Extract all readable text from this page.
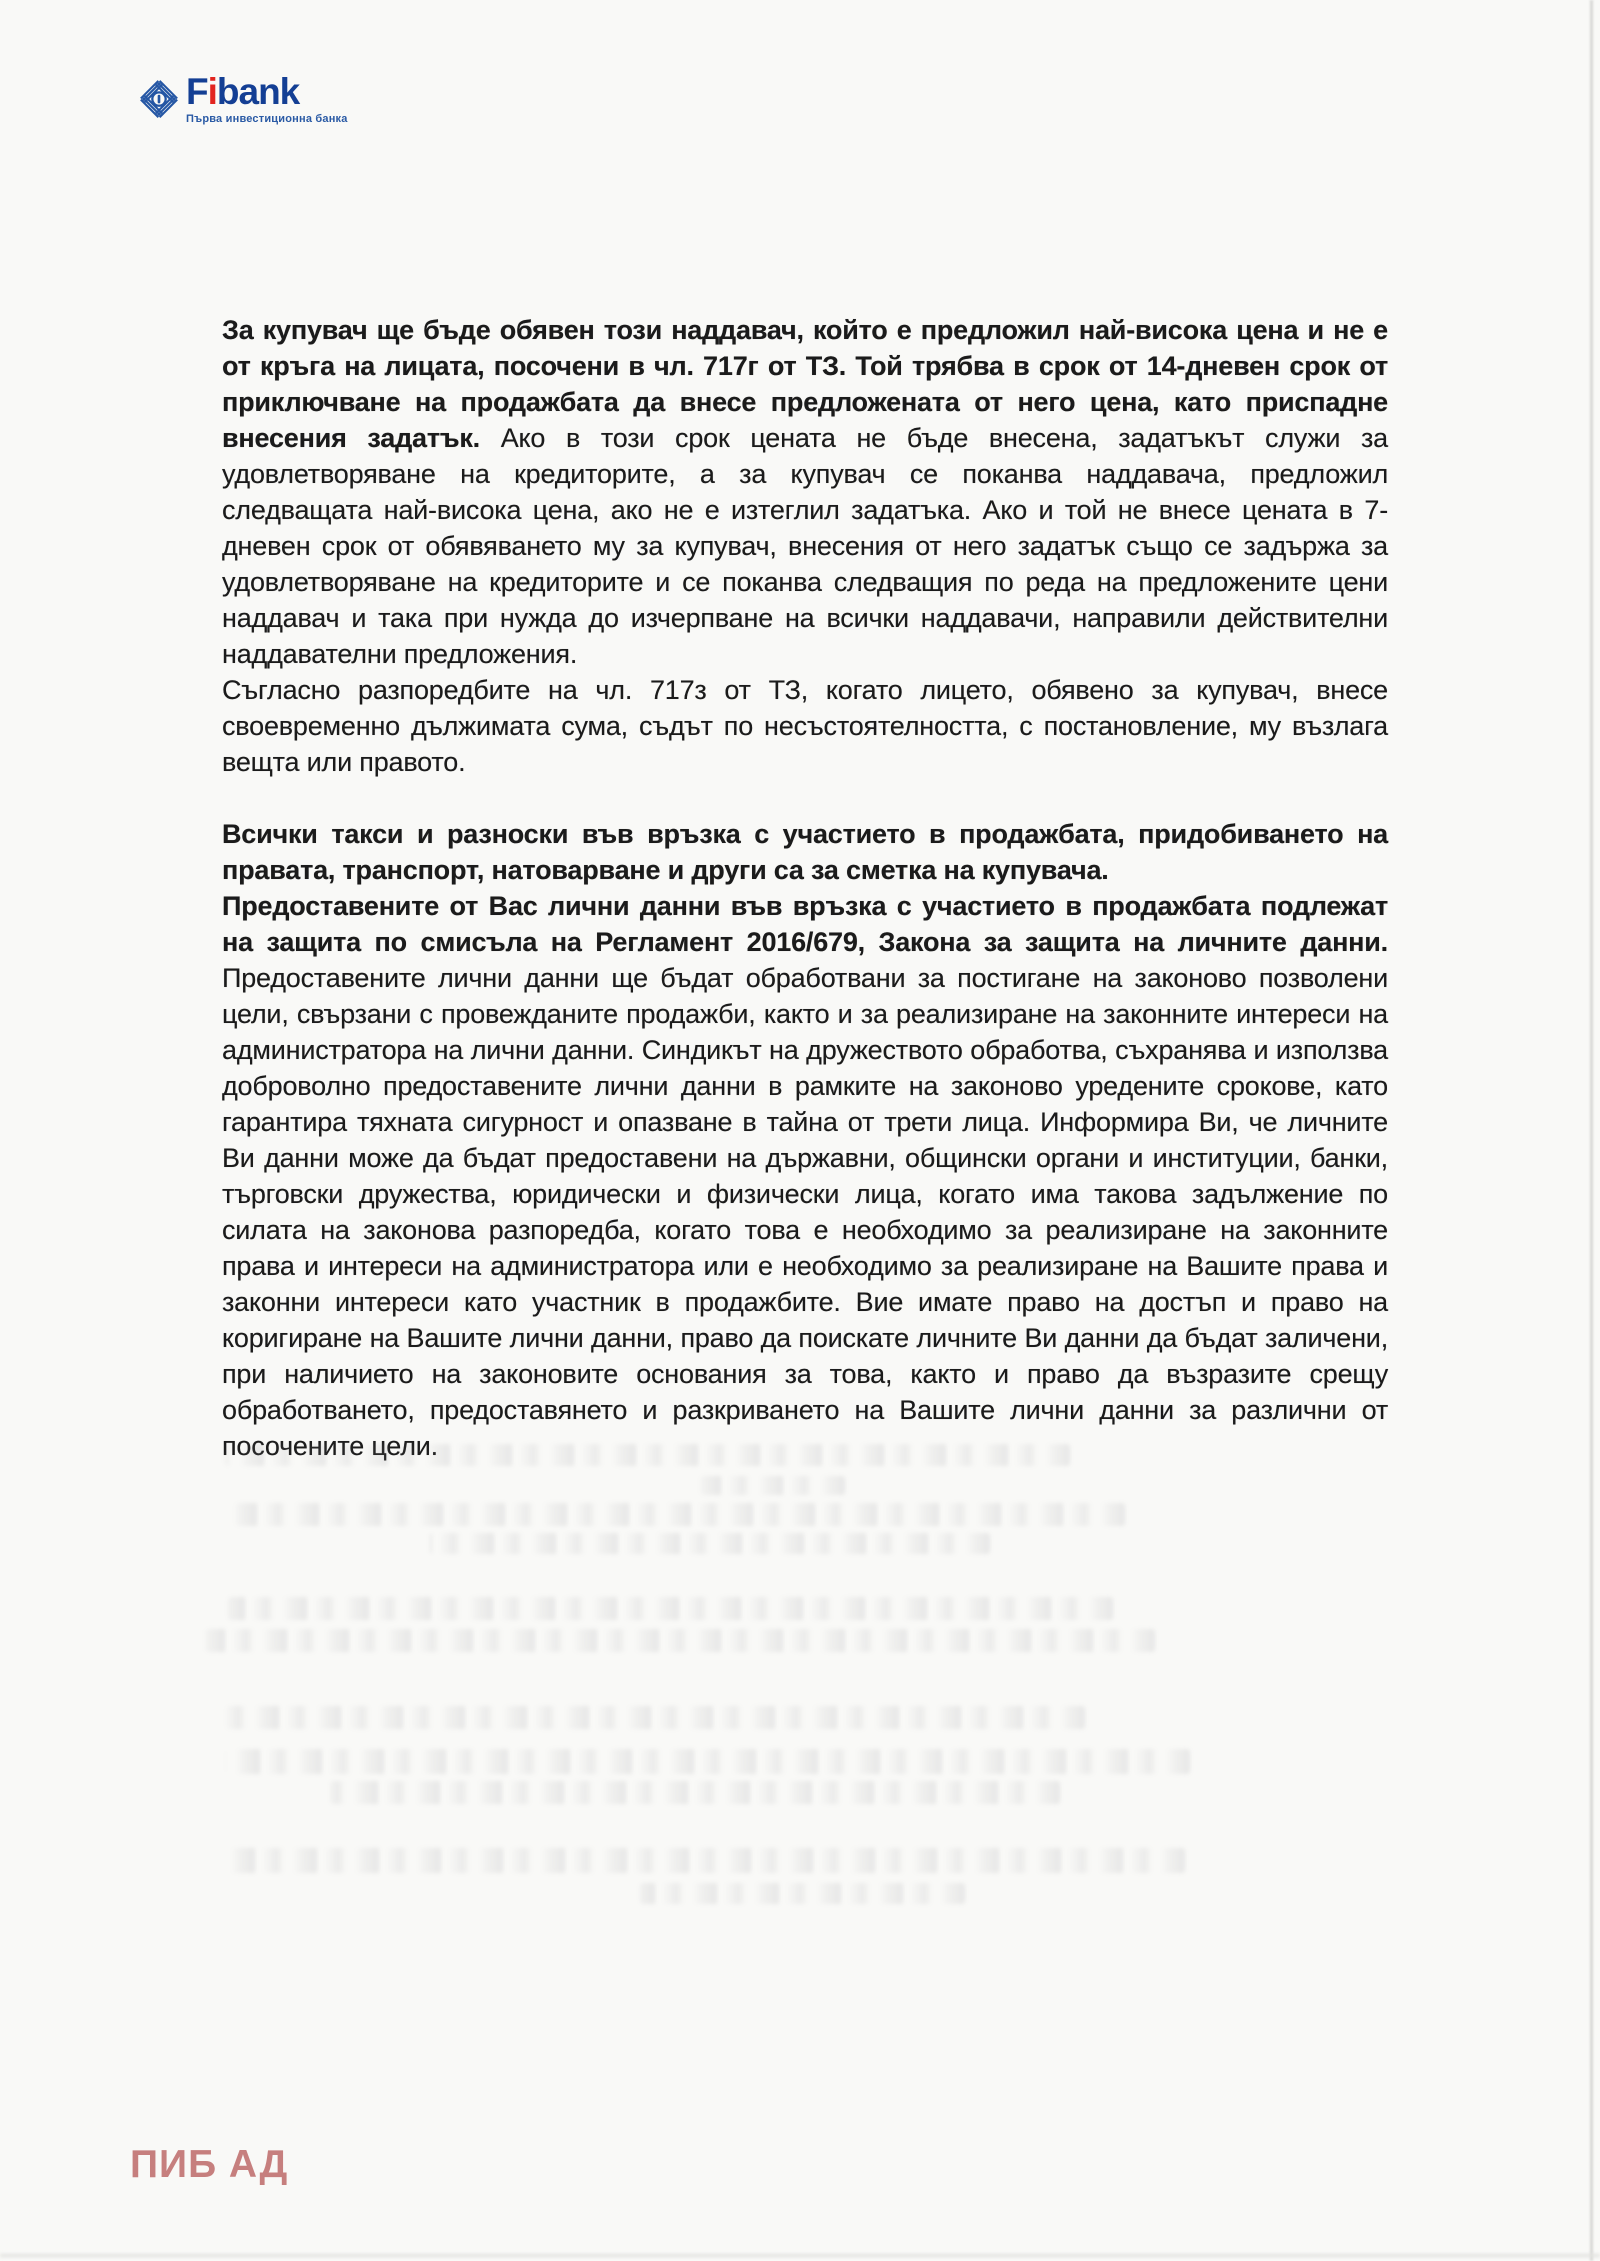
Fibank
Първа инвестиционна банка

За купувач ще бъде обявен този наддавач, който е предложил най-висока цена и не е от кръга на лицата, посочени в чл. 717г от ТЗ. Той трябва в срок от 14-дневен срок от приключване на продажбата да внесе предложената от него цена, като приспадне внесения задатък. Ако в този срок цената не бъде внесена, задатъкът служи за удовлетворяване на кредиторите, а за купувач се поканва наддавача, предложил следващата най-висока цена, ако не е изтеглил задатъка. Ако и той не внесе цената в 7-дневен срок от обявяването му за купувач, внесения от него задатък също се задържа за удовлетворяване на кредиторите и се поканва следващия по реда на предложените цени наддавач и така при нужда до изчерпване на всички наддавачи, направили действителни наддавателни предложения.

Съгласно разпоредбите на чл. 717з от ТЗ, когато лицето, обявено за купувач, внесе своевременно дължимата сума, съдът по несъстоятелността, с постановление, му възлага вещта или правото.

Всички такси и разноски във връзка с участието в продажбата, придобиването на правата, транспорт, натоварване и други са за сметка на купувача.

Предоставените от Вас лични данни във връзка с участието в продажбата подлежат на защита по смисъла на Регламент 2016/679, Закона за защита на личните данни. Предоставените лични данни ще бъдат обработвани за постигане на законово позволени цели, свързани с провежданите продажби, както и за реализиране на законните интереси на администратора на лични данни. Синдикът на дружеството обработва, съхранява и използва доброволно предоставените лични данни в рамките на законово уредените срокове, като гарантира тяхната сигурност и опазване в тайна от трети лица. Информира Ви, че личните Ви данни може да бъдат предоставени на държавни, общински органи и институции, банки, търговски дружества, юридически и физически лица, когато има такова задължение по силата на законова разпоредба, когато това е необходимо за реализиране на законните права и интереси на администратора или е необходимо за реализиране на Вашите права и законни интереси като участник в продажбите. Вие имате право на достъп и право на коригиране на Вашите лични данни, право да поискате личните Ви данни да бъдат заличени, при наличието на законовите основания за това, както и право да възразите срещу обработването, предоставянето и разкриването на Вашите лични данни за различни от посочените цели.

ПИБ АД
